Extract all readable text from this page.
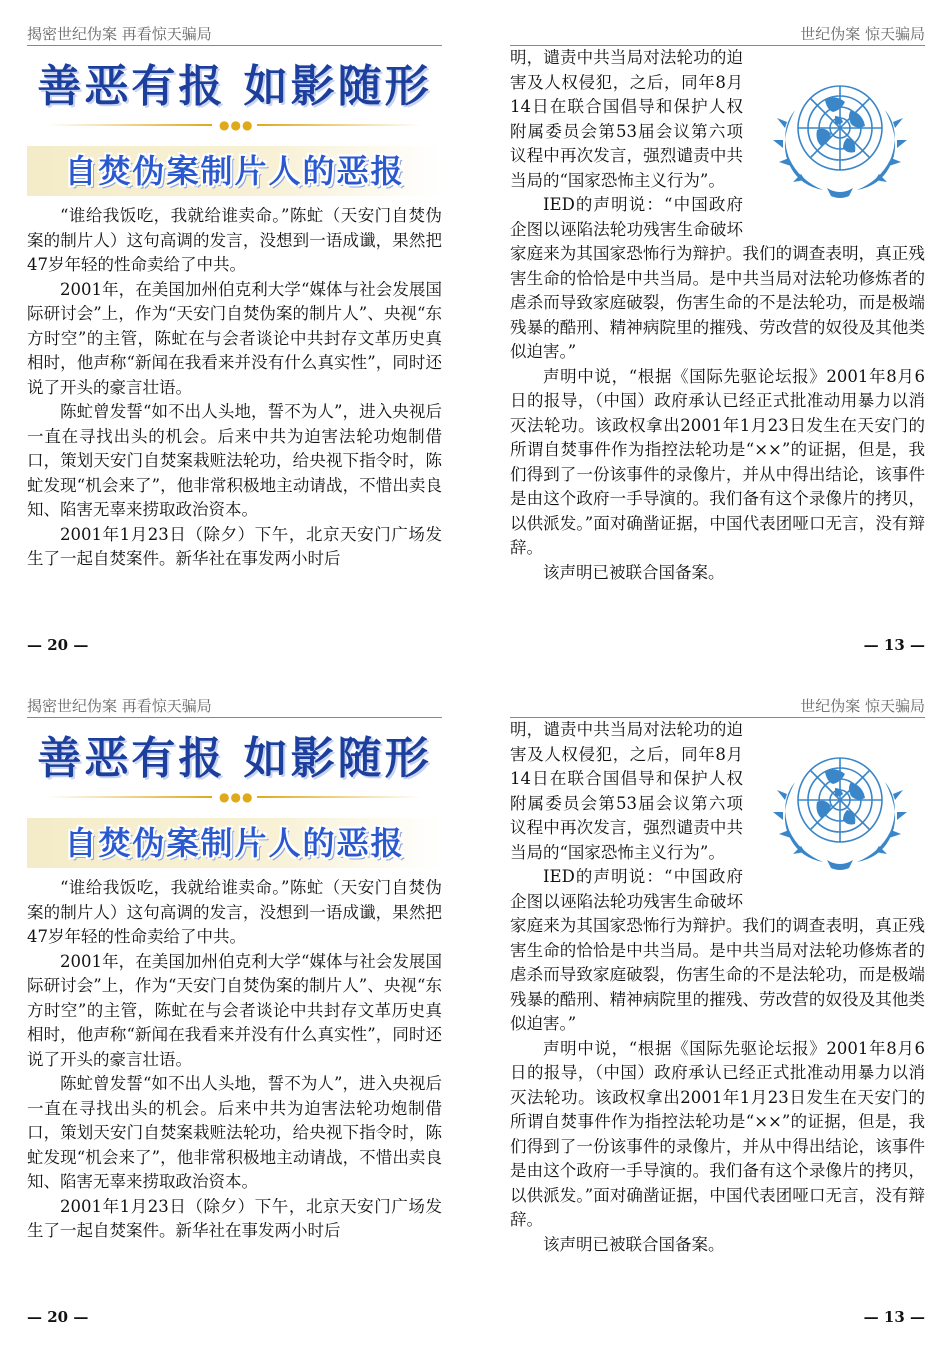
揭密世纪伪案 再看惊天骗局
善恶有报 如影随形
●●●
自焚伪案制片人的恶报

“谁给我饭吃，我就给谁卖命。”陈虻（天安门自焚伪案的制片人）这句高调的发言，没想到一语成谶，果然把47岁年轻的性命卖给了中共。

2001年，在美国加州伯克利大学“媒体与社会发展国际研讨会”上，作为“天安门自焚伪案的制片人”、央视“东方时空”的主管，陈虻在与会者谈论中共封存文革历史真相时，他声称“新闻在我看来并没有什么真实性”，同时还说了开头的豪言壮语。

陈虻曾发誓“如不出人头地，誓不为人”，进入央视后一直在寻找出头的机会。后来中共为迫害法轮功炮制借口，策划天安门自焚案栽赃法轮功，给央视下指令时，陈虻发现“机会来了”，他非常积极地主动请战，不惜出卖良知、陷害无辜来捞取政治资本。

2001年1月23日（除夕）下午，北京天安门广场发生了一起自焚案件。新华社在事发两小时后

— 20 —
世纪伪案 惊天骗局

明，谴责中共当局对法轮功的迫害及人权侵犯，之后，同年8月14日在联合国倡导和保护人权附属委员会第53届会议第六项议程中再次发言，强烈谴责中共当局的“国家恐怖主义行为”。

IED的声明说：“中国政府企图以诬陷法轮功残害生命破坏家庭来为其国家恐怖行为辩护。我们的调查表明，真正残害生命的恰恰是中共当局。是中共当局对法轮功修炼者的虐杀而导致家庭破裂，伤害生命的不是法轮功，而是极端残暴的酷刑、精神病院里的摧残、劳改营的奴役及其他类似迫害。”

声明中说，“根据《国际先驱论坛报》2001年8月6日的报导，（中国）政府承认已经正式批准动用暴力以消灭法轮功。该政权拿出2001年1月23日发生在天安门的所谓自焚事件作为指控法轮功是“××”的证据，但是，我们得到了一份该事件的录像片，并从中得出结论，该事件是由这个政府一手导演的。我们备有这个录像片的拷贝，以供派发。”面对确凿证据，中国代表团哑口无言，没有辩辞。

该声明已被联合国备案。

— 13 —
揭密世纪伪案 再看惊天骗局
善恶有报 如影随形
●●●
自焚伪案制片人的恶报

“谁给我饭吃，我就给谁卖命。”陈虻（天安门自焚伪案的制片人）这句高调的发言，没想到一语成谶，果然把47岁年轻的性命卖给了中共。

2001年，在美国加州伯克利大学“媒体与社会发展国际研讨会”上，作为“天安门自焚伪案的制片人”、央视“东方时空”的主管，陈虻在与会者谈论中共封存文革历史真相时，他声称“新闻在我看来并没有什么真实性”，同时还说了开头的豪言壮语。

陈虻曾发誓“如不出人头地，誓不为人”，进入央视后一直在寻找出头的机会。后来中共为迫害法轮功炮制借口，策划天安门自焚案栽赃法轮功，给央视下指令时，陈虻发现“机会来了”，他非常积极地主动请战，不惜出卖良知、陷害无辜来捞取政治资本。

2001年1月23日（除夕）下午，北京天安门广场发生了一起自焚案件。新华社在事发两小时后

— 20 —
世纪伪案 惊天骗局

明，谴责中共当局对法轮功的迫害及人权侵犯，之后，同年8月14日在联合国倡导和保护人权附属委员会第53届会议第六项议程中再次发言，强烈谴责中共当局的“国家恐怖主义行为”。

IED的声明说：“中国政府企图以诬陷法轮功残害生命破坏家庭来为其国家恐怖行为辩护。我们的调查表明，真正残害生命的恰恰是中共当局。是中共当局对法轮功修炼者的虐杀而导致家庭破裂，伤害生命的不是法轮功，而是极端残暴的酷刑、精神病院里的摧残、劳改营的奴役及其他类似迫害。”

声明中说，“根据《国际先驱论坛报》2001年8月6日的报导，（中国）政府承认已经正式批准动用暴力以消灭法轮功。该政权拿出2001年1月23日发生在天安门的所谓自焚事件作为指控法轮功是“××”的证据，但是，我们得到了一份该事件的录像片，并从中得出结论，该事件是由这个政府一手导演的。我们备有这个录像片的拷贝，以供派发。”面对确凿证据，中国代表团哑口无言，没有辩辞。

该声明已被联合国备案。

— 13 —
